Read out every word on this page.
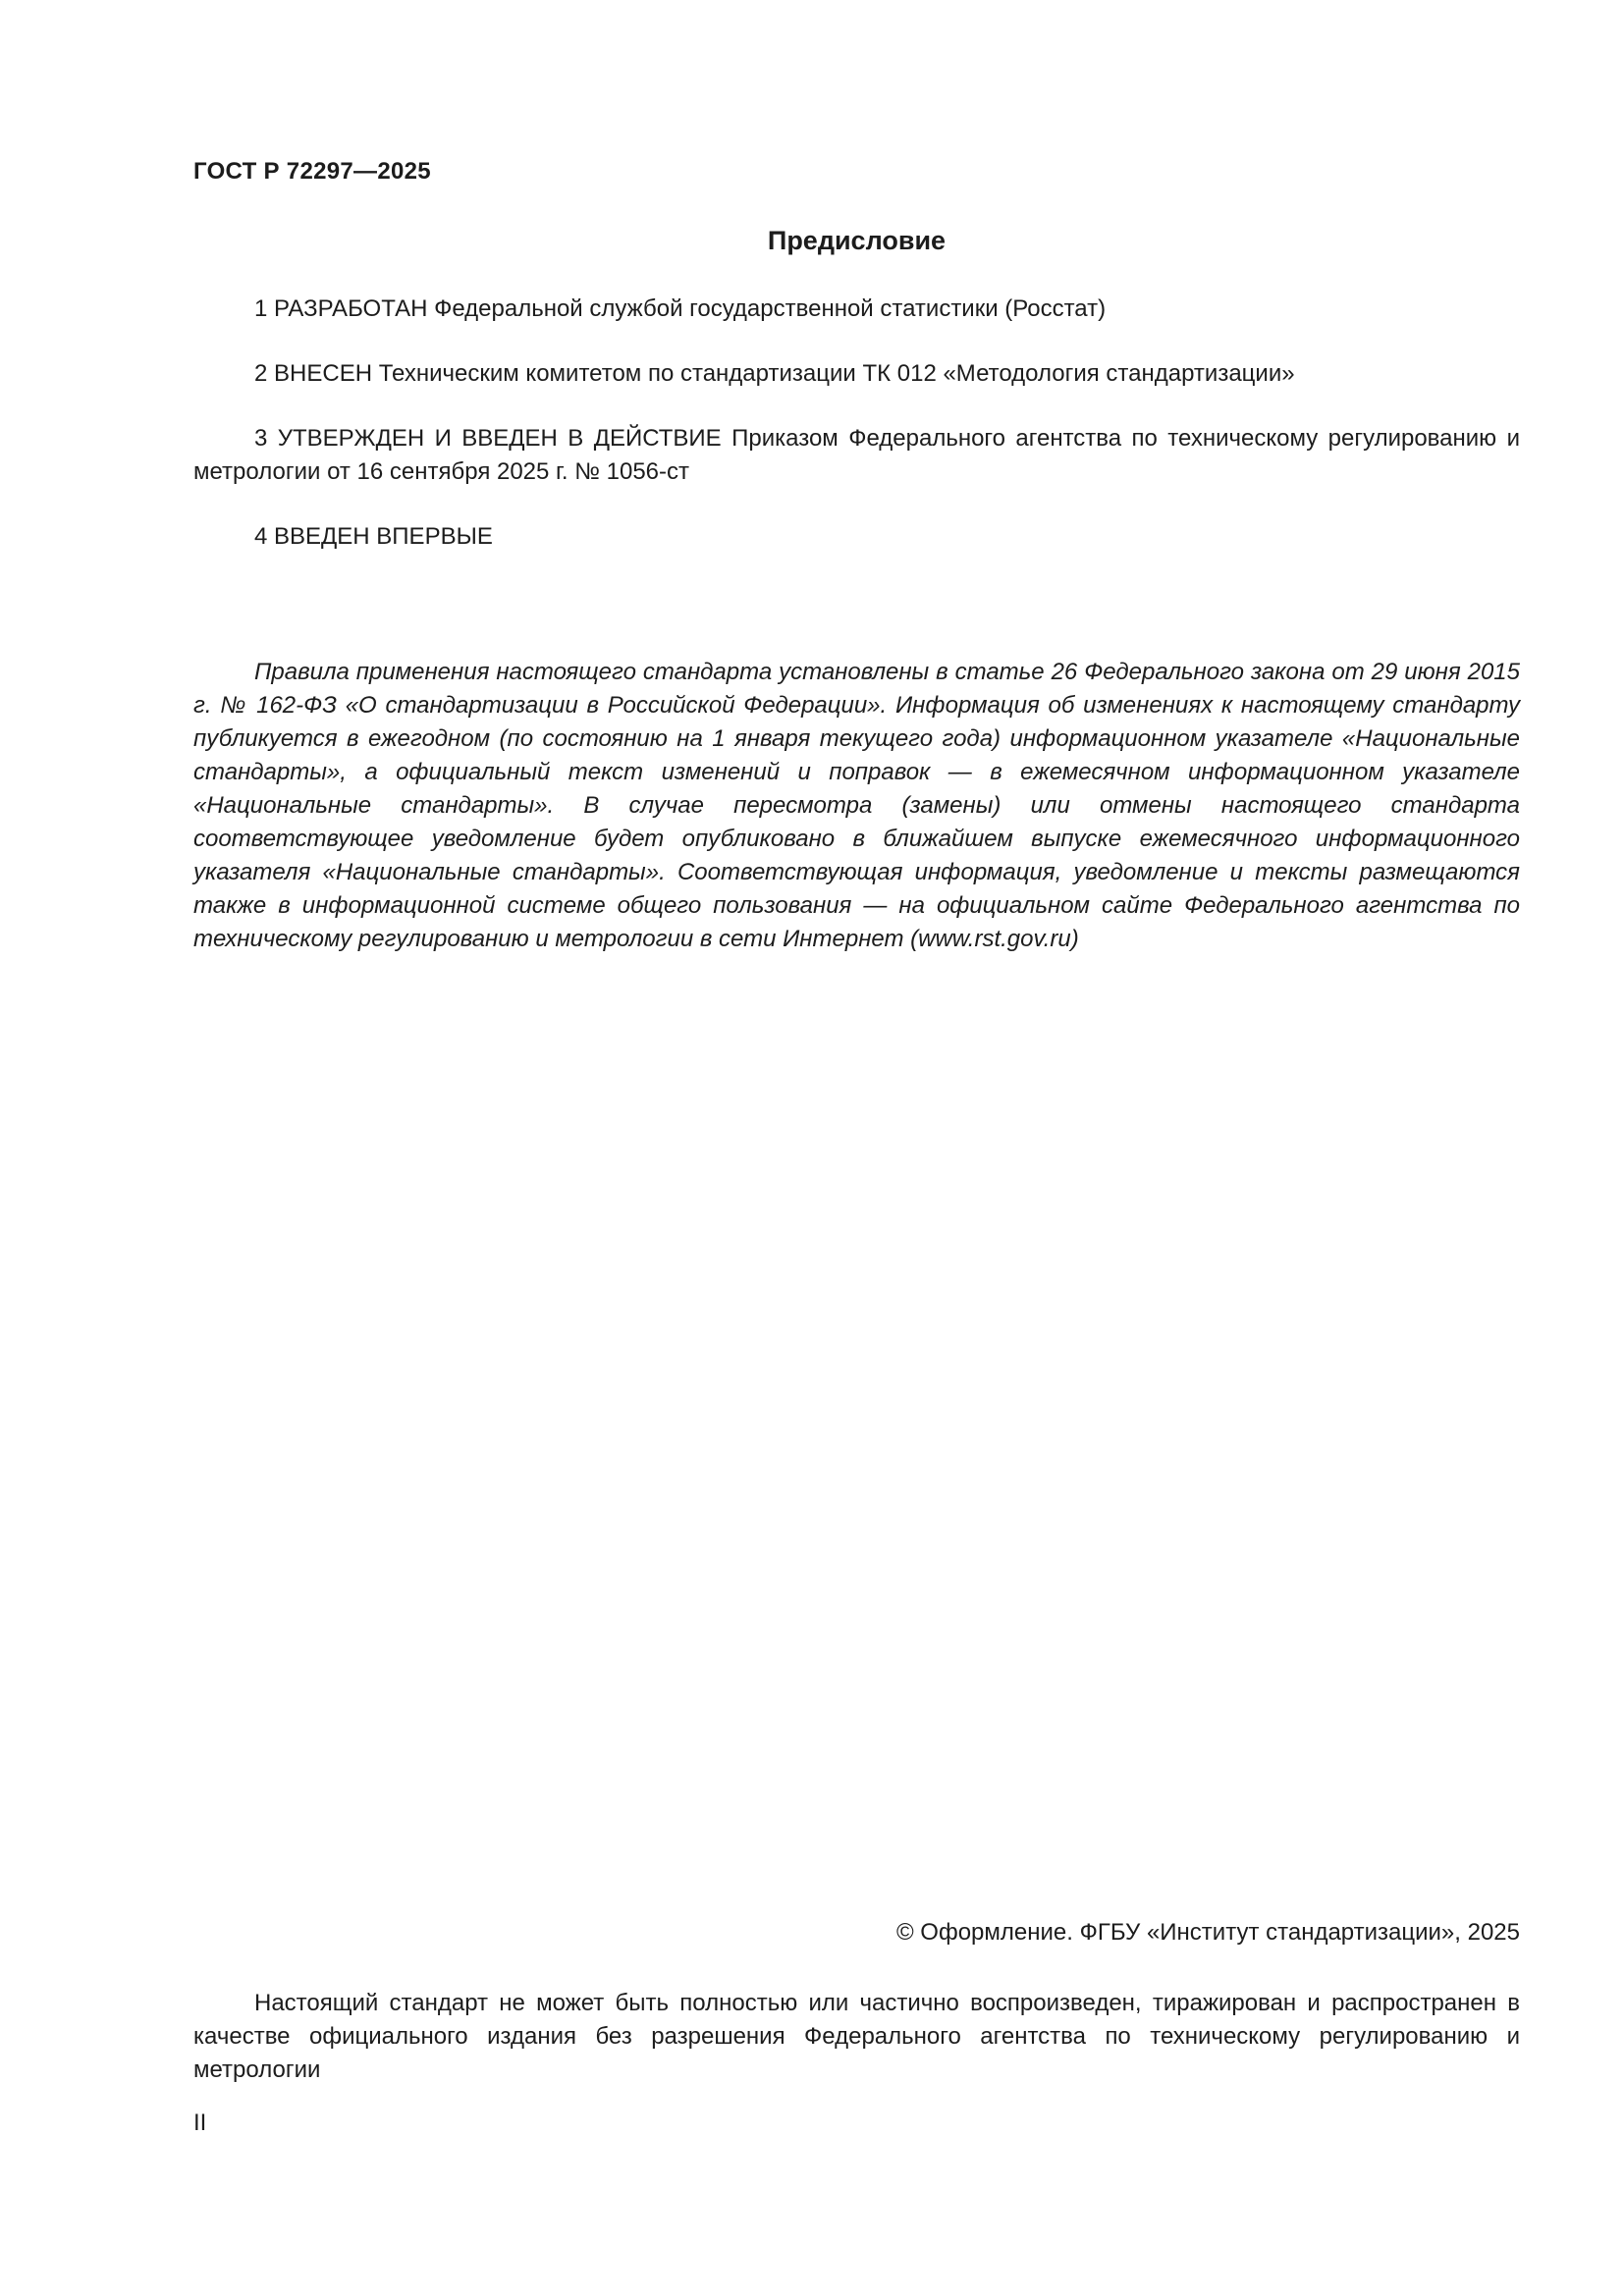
ГОСТ Р 72297—2025
Предисловие

1 РАЗРАБОТАН Федеральной службой государственной статистики (Росстат)

2 ВНЕСЕН Техническим комитетом по стандартизации ТК 012 «Методология стандартизации»

3 УТВЕРЖДЕН И ВВЕДЕН В ДЕЙСТВИЕ Приказом Федерального агентства по техническому регулированию и метрологии от 16 сентября 2025 г. № 1056-ст

4 ВВЕДЕН ВПЕРВЫЕ

Правила применения настоящего стандарта установлены в статье 26 Федерального закона от 29 июня 2015 г. № 162-ФЗ «О стандартизации в Российской Федерации». Информация об изменениях к настоящему стандарту публикуется в ежегодном (по состоянию на 1 января текущего года) информационном указателе «Национальные стандарты», а официальный текст изменений и поправок — в ежемесячном информационном указателе «Национальные стандарты». В случае пересмотра (замены) или отмены настоящего стандарта соответствующее уведомление будет опубликовано в ближайшем выпуске ежемесячного информационного указателя «Национальные стандарты». Соответствующая информация, уведомление и тексты размещаются также в информационной системе общего пользования — на официальном сайте Федерального агентства по техническому регулированию и метрологии в сети Интернет (www.rst.gov.ru)

© Оформление. ФГБУ «Институт стандартизации», 2025

Настоящий стандарт не может быть полностью или частично воспроизведен, тиражирован и распространен в качестве официального издания без разрешения Федерального агентства по техническому регулированию и метрологии

II
